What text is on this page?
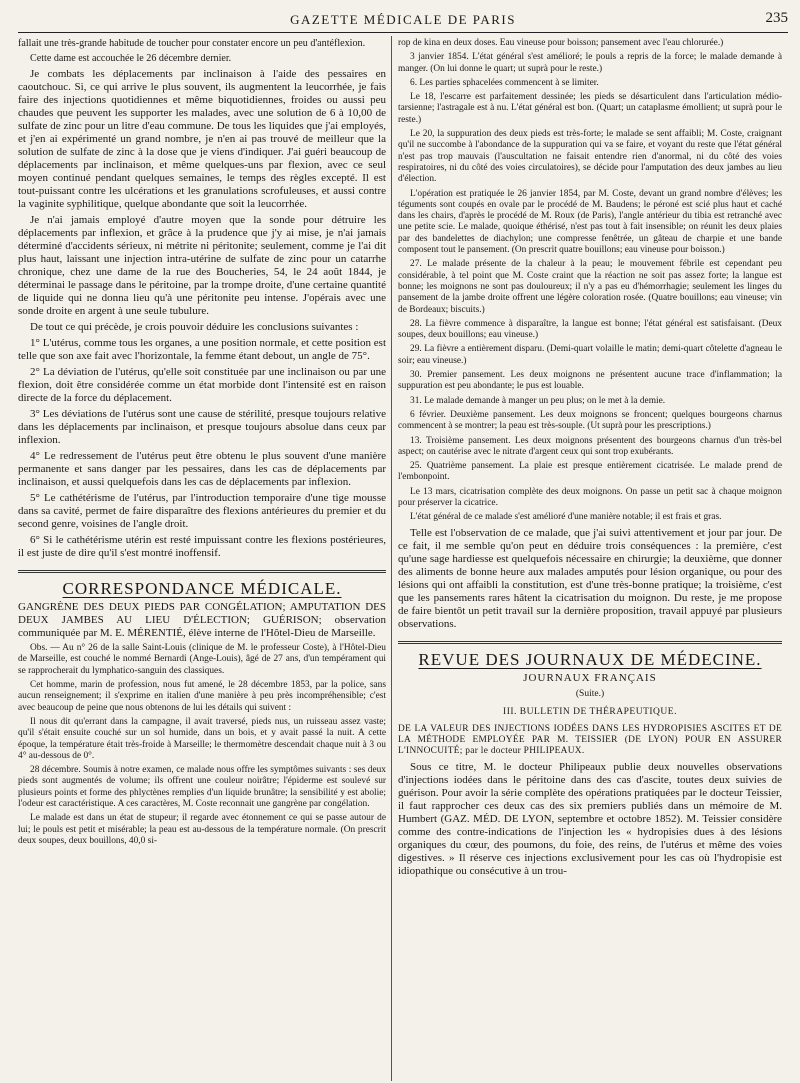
GAZETTE MÉDICALE DE PARIS	235

fallait une très-grande habitude de toucher pour constater encore un peu d'antéflexion.

Cette dame est accouchée le 26 décembre dernier.

Je combats les déplacements par inclinaison à l'aide des pessaires en caoutchouc. Si, ce qui arrive le plus souvent, ils augmentent la leucorrhée, je fais faire des injections quotidiennes et même biquotidiennes, froides ou aussi peu chaudes que peuvent les supporter les malades, avec une solution de 6 à 10,00 de sulfate de zinc pour un litre d'eau commune. De tous les liquides que j'ai employés, et j'en ai expérimenté un grand nombre, je n'en ai pas trouvé de meilleur que la solution de sulfate de zinc à la dose que je viens d'indiquer. J'ai guéri beaucoup de déplacements par inclinaison, et même quelques-uns par flexion, avec ce seul moyen continué pendant quelques semaines, le temps des règles excepté. Il est tout-puissant contre les ulcérations et les granulations scrofuleuses, et aussi contre la vaginite syphilitique, quelque abondante que soit la leucorrhée.

Je n'ai jamais employé d'autre moyen que la sonde pour détruire les déplacements par inflexion, et grâce à la prudence que j'y ai mise, je n'ai jamais déterminé d'accidents sérieux, ni métrite ni péritonite; seulement, comme je l'ai dit plus haut, laissant une injection intra-utérine de sulfate de zinc pour un catarrhe chronique, chez une dame de la rue des Boucheries, 54, le 24 août 1844, je déterminai le passage dans le péritoine, par la trompe droite, d'une certaine quantité de liquide qui ne donna lieu qu'à une péritonite peu intense. J'opérais avec une sonde droite en argent à une seule tubulure.

De tout ce qui précède, je crois pouvoir déduire les conclusions suivantes :

1° L'utérus, comme tous les organes, a une position normale, et cette position est telle que son axe fait avec l'horizontale, la femme étant debout, un angle de 75°.

2° La déviation de l'utérus, qu'elle soit constituée par une inclinaison ou par une flexion, doit être considérée comme un état morbide dont l'intensité est en raison directe de la force du déplacement.

3° Les déviations de l'utérus sont une cause de stérilité, presque toujours relative dans les déplacements par inclinaison, et presque toujours absolue dans ceux par inflexion.

4° Le redressement de l'utérus peut être obtenu le plus souvent d'une manière permanente et sans danger par les pessaires, dans les cas de déplacements par inclinaison, et aussi quelquefois dans les cas de déplacements par inflexion.

5° Le cathétérisme de l'utérus, par l'introduction temporaire d'une tige mousse dans sa cavité, permet de faire disparaître des flexions antérieures du premier et du second genre, voisines de l'angle droit.

6° Si le cathétérisme utérin est resté impuissant contre les flexions postérieures, il est juste de dire qu'il s'est montré inoffensif.

CORRESPONDANCE MÉDICALE.

GANGRÈNE DES DEUX PIEDS PAR CONGÉLATION; AMPUTATION DES DEUX JAMBES AU LIEU D'ÉLECTION; GUÉRISON; observation communiquée par M. E. MÉRENTIÉ, élève interne de l'Hôtel-Dieu de Marseille.

Obs. — Au n° 26 de la salle Saint-Louis (clinique de M. le professeur Coste), à l'Hôtel-Dieu de Marseille, est couché le nommé Bernardi (Ange-Louis), âgé de 27 ans, d'un tempérament qui se rapprocherait du lymphatico-sanguin des classiques.

Cet homme, marin de profession, nous fut amené, le 28 décembre 1853, par la police, sans aucun renseignement; il s'exprime en italien d'une manière à peu près incompréhensible; c'est avec beaucoup de peine que nous obtenons de lui les détails qui suivent :

Il nous dit qu'errant dans la campagne, il avait traversé, pieds nus, un ruisseau assez vaste; qu'il s'était ensuite couché sur un sol humide, dans un bois, et y avait passé la nuit. A cette époque, la température était très-froide à Marseille; le thermomètre descendait chaque nuit à 3 ou 4° au-dessous de 0°.

28 décembre. Soumis à notre examen, ce malade nous offre les symptômes suivants : ses deux pieds sont augmentés de volume; ils offrent une couleur noirâtre; l'épiderme est soulevé sur plusieurs points et forme des phlyctènes remplies d'un liquide brunâtre; la sensibilité y est abolie; l'odeur est caractéristique. A ces caractères, M. Coste reconnait une gangrène par congélation.

Le malade est dans un état de stupeur; il regarde avec étonnement ce qui se passe autour de lui; le pouls est petit et misérable; la peau est au-dessous de la température normale. (On prescrit deux soupes, deux bouillons, 40,0 si-

rop de kina en deux doses. Eau vineuse pour boisson; pansement avec l'eau chlorurée.)

3 janvier 1854. L'état général s'est amélioré; le pouls a repris de la force; le malade demande à manger. (On lui donne le quart; ut suprà pour le reste.)

6. Les parties sphacelées commencent à se limiter.

Le 18, l'escarre est parfaitement dessinée; les pieds se désarticulent dans l'articulation médio-tarsienne; l'astragale est à nu. L'état général est bon. (Quart; un cataplasme émollient; ut suprà pour le reste.)

Le 20, la suppuration des deux pieds est très-forte; le malade se sent affaibli; M. Coste, craignant qu'il ne succombe à l'abondance de la suppuration qui va se faire, et voyant du reste que l'état général n'est pas trop mauvais (l'auscultation ne faisait entendre rien d'anormal, ni du côté des voies respiratoires, ni du côté des voies circulatoires), se décide pour l'amputation des deux jambes au lieu d'élection.

L'opération est pratiquée le 26 janvier 1854, par M. Coste, devant un grand nombre d'élèves; les téguments sont coupés en ovale par le procédé de M. Baudens; le péroné est scié plus haut et caché dans les chairs, d'après le procédé de M. Roux (de Paris), l'angle antérieur du tibia est retranché avec une petite scie. Le malade, quoique éthérisé, n'est pas tout à fait insensible; on réunit les deux plaies par des bandelettes de diachylon; une compresse fenêtrée, un gâteau de charpie et une bande composent tout le pansement. (On prescrit quatre bouillons; eau vineuse pour boisson.)

27. Le malade présente de la chaleur à la peau; le mouvement fébrile est cependant peu considérable, à tel point que M. Coste craint que la réaction ne soit pas assez forte; la langue est bonne; les moignons ne sont pas douloureux; il n'y a pas eu d'hémorrhagie; seulement les linges du pansement de la jambe droite offrent une légère coloration rosée. (Quatre bouillons; eau vineuse; vin de Bordeaux; biscuits.)

28. La fièvre commence à disparaître, la langue est bonne; l'état général est satisfaisant. (Deux soupes, deux bouillons; eau vineuse.)

29. La fièvre a entièrement disparu. (Demi-quart volaille le matin; demi-quart côtelette d'agneau le soir; eau vineuse.)

30. Premier pansement. Les deux moignons ne présentent aucune trace d'inflammation; la suppuration est peu abondante; le pus est louable.

31. Le malade demande à manger un peu plus; on le met à la demie.

6 février. Deuxième pansement. Les deux moignons se froncent; quelques bourgeons charnus commencent à se montrer; la peau est très-souple. (Ut suprà pour les prescriptions.)

13. Troisième pansement. Les deux moignons présentent des bourgeons charnus d'un très-bel aspect; on cautérise avec le nitrate d'argent ceux qui sont trop exubérants.

25. Quatrième pansement. La plaie est presque entièrement cicatrisée. Le malade prend de l'embonpoint.

Le 13 mars, cicatrisation complète des deux moignons. On passe un petit sac à chaque moignon pour préserver la cicatrice.

L'état général de ce malade s'est amélioré d'une manière notable; il est frais et gras.

Telle est l'observation de ce malade, que j'ai suivi attentivement et jour par jour. De ce fait, il me semble qu'on peut en déduire trois conséquences : la première, c'est qu'une sage hardiesse est quelquefois nécessaire en chirurgie; la deuxième, que donner des aliments de bonne heure aux malades amputés pour lésion organique, ou pour des lésions qui ont affaibli la constitution, est d'une très-bonne pratique; la troisième, c'est que les pansements rares hâtent la cicatrisation du moignon. Du reste, je me propose de faire bientôt un petit travail sur la dernière proposition, travail appuyé par plusieurs observations.

REVUE DES JOURNAUX DE MÉDECINE.
JOURNAUX FRANÇAIS
(Suite.)
III. BULLETIN DE THÉRAPEUTIQUE.

DE LA VALEUR DES INJECTIONS IODÉES DANS LES HYDROPISIES ASCITES ET DE LA MÉTHODE EMPLOYÉE PAR M. TEISSIER (DE LYON) POUR EN ASSURER L'INNOCUITÉ; par le docteur PHILIPEAUX.

Sous ce titre, M. le docteur Philipeaux publie deux nouvelles observations d'injections iodées dans le péritoine dans des cas d'ascite, toutes deux suivies de guérison. Pour avoir la série complète des opérations pratiquées par le docteur Teissier, il faut rapprocher ces deux cas des six premiers publiés dans un mémoire de M. Humbert (GAZ. MÉD. DE LYON, septembre et octobre 1852). M. Teissier considère comme des contre-indications de l'injection les « hydropisies dues à des lésions organiques du cœur, des poumons, du foie, des reins, de l'utérus et même des voies digestives. » Il réserve ces injections exclusivement pour les cas où l'hydropisie est idiopathique ou consécutive à un trou-
